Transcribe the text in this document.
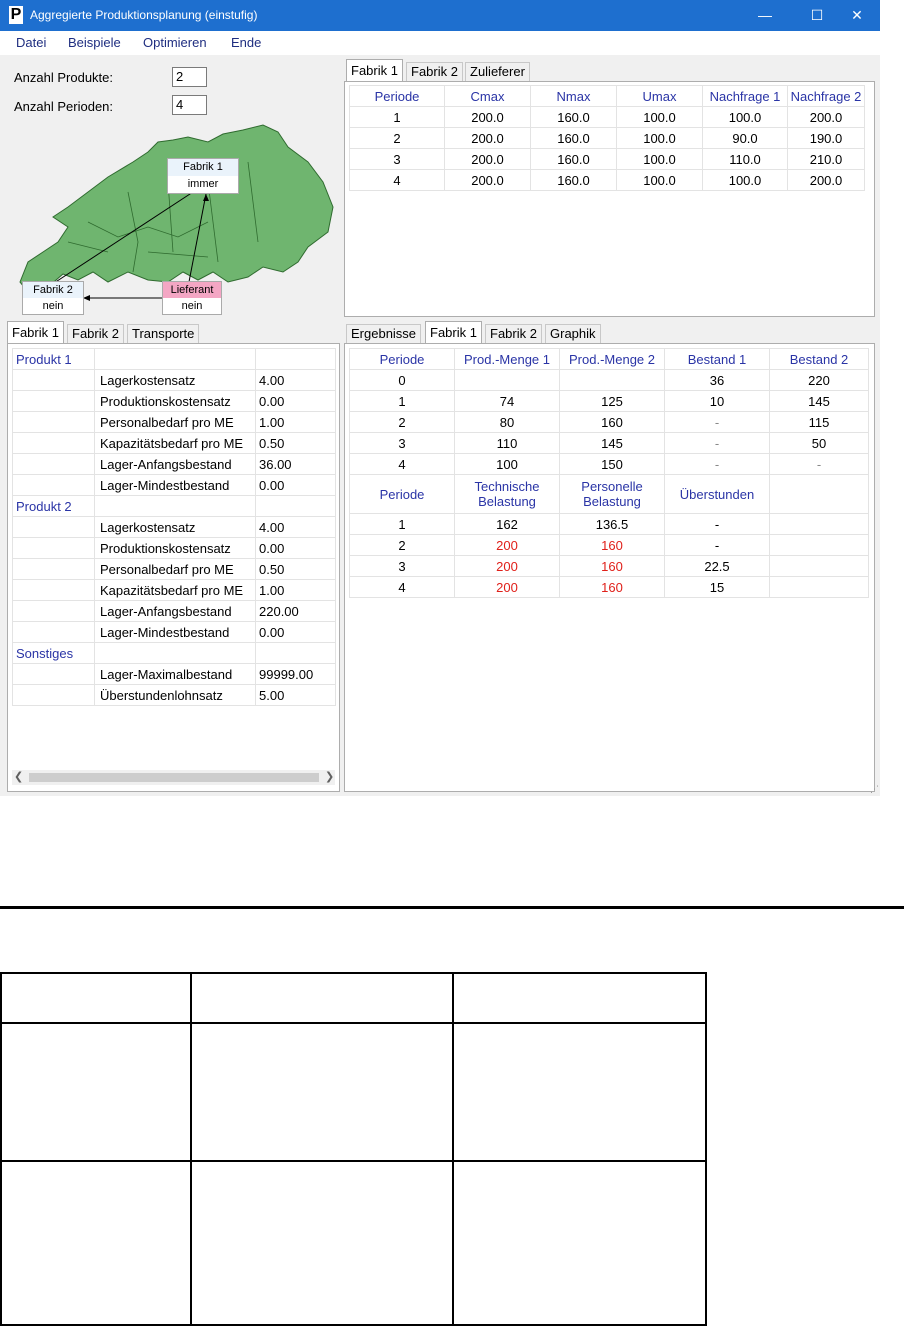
P Aggregierte Produktionsplanung (einstufig)	—	☐	✕
Datei Beispiele Optimieren Ende
Anzahl Produkte:	2
Anzahl Perioden:	4
Fabrik 1
immer
Fabrik 2
nein
Lieferant
nein
Fabrik 1	Fabrik 2 Zulieferer
Periode	Cmax	Nmax	Umax	Nachfrage 1	Nachfrage 2
1	200.0	160.0	100.0	100.0	200.0
2	200.0	160.0	100.0	90.0	190.0
3	200.0	160.0	100.0	110.0	210.0
4	200.0	160.0	100.0	100.0	200.0
Fabrik 1	Fabrik 2	Transporte
Produkt 1		
	Lagerkostensatz	4.00
	Produktionskostensatz	0.00
	Personalbedarf pro ME	1.00
	Kapazitätsbedarf pro ME	0.50
	Lager-Anfangsbestand	36.00
	Lager-Mindestbestand	0.00
Produkt 2		
	Lagerkostensatz	4.00
	Produktionskostensatz	0.00
	Personalbedarf pro ME	0.50
	Kapazitätsbedarf pro ME	1.00
	Lager-Anfangsbestand	220.00
	Lager-Mindestbestand	0.00
Sonstiges		
	Lager-Maximalbestand	99999.00
	Überstundenlohnsatz	5.00
❮	❯
Ergebnisse	Fabrik 1	Fabrik 2	Graphik
Periode	Prod.-Menge 1	Prod.-Menge 2	Bestand 1	Bestand 2
0			36	220
1	74	125	10	145
2	80	160	-	115
3	110	145	-	50
4	100	150	-	-
Periode	Technische Belastung	Personelle Belastung	Überstunden	
1	162	136.5	-	
2	200	160	-	
3	200	160	22.5	
4	200	160	15	
⋰
